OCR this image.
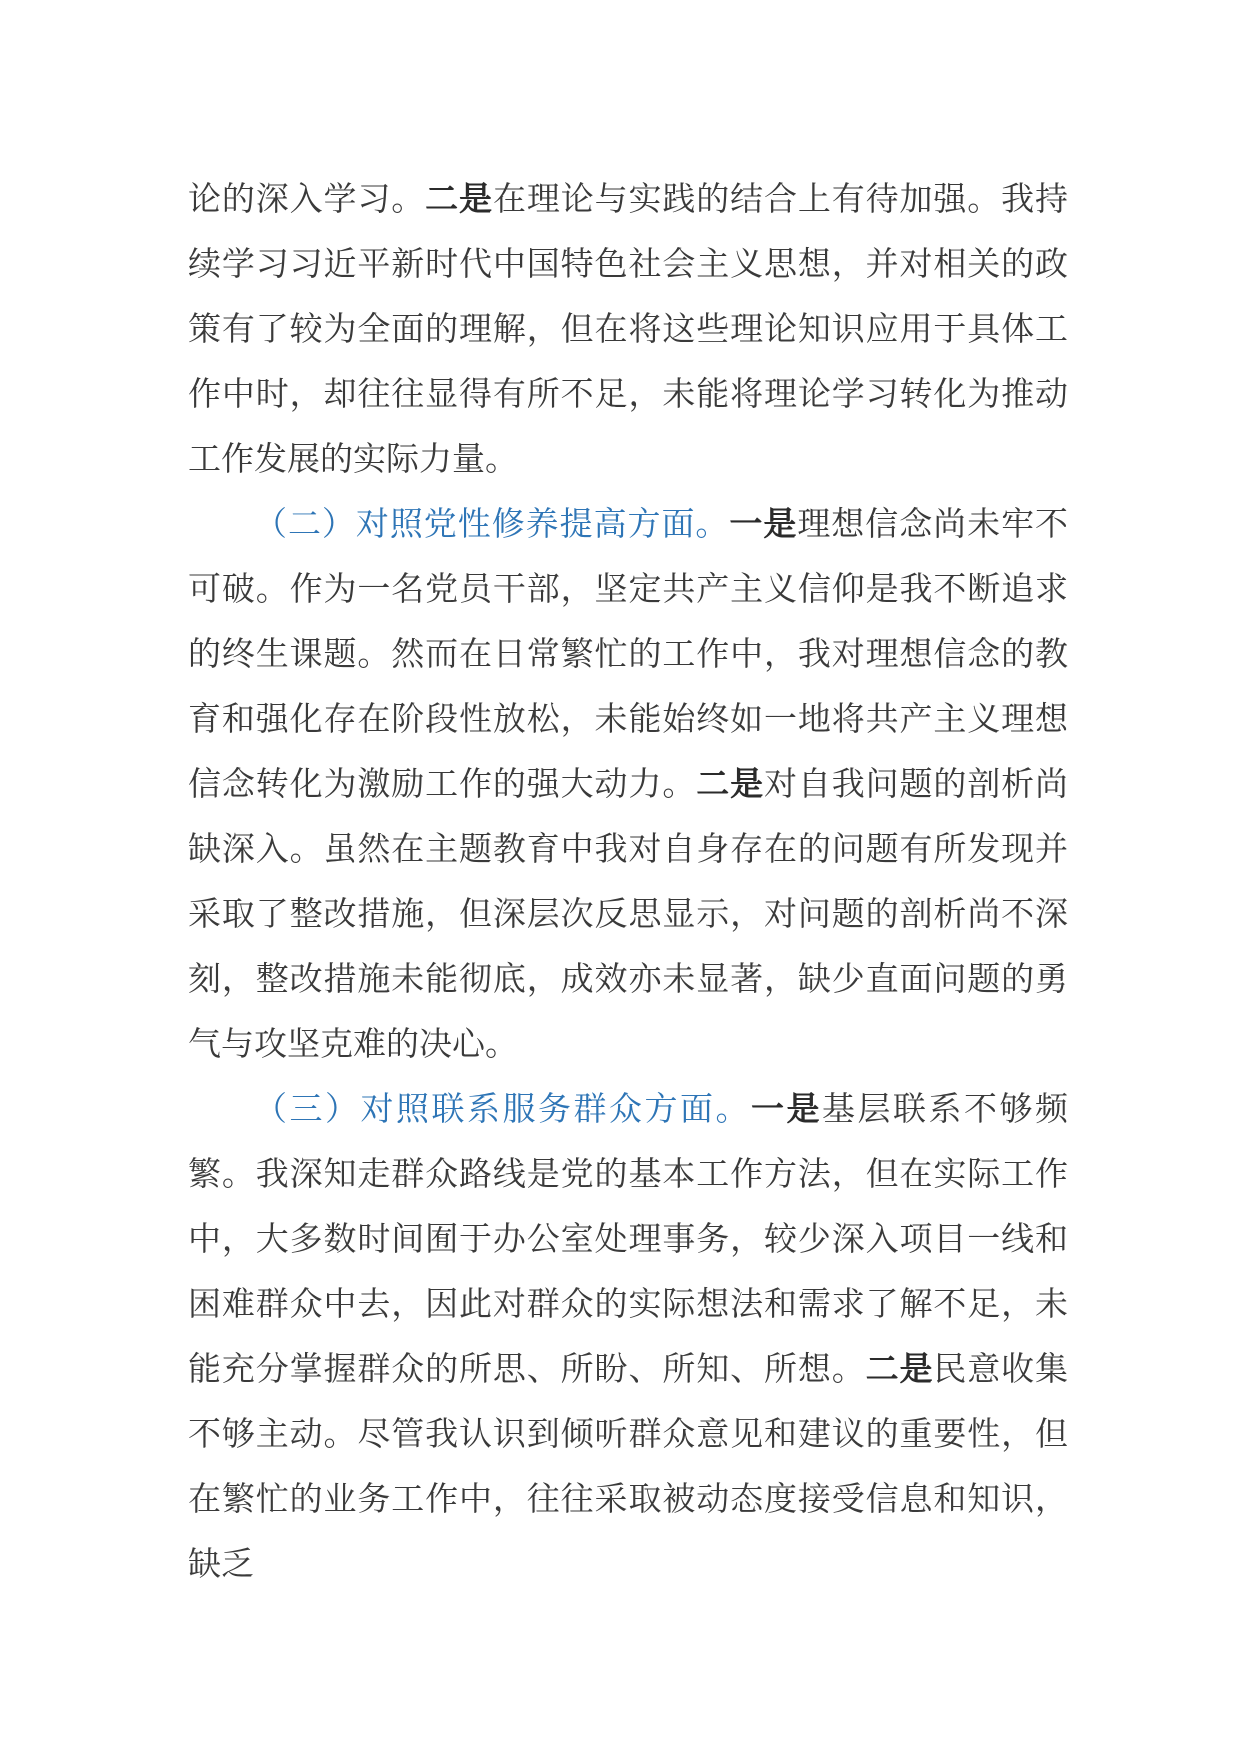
论的深入学习。二是在理论与实践的结合上有待加强。我持续学习习近平新时代中国特色社会主义思想，并对相关的政策有了较为全面的理解，但在将这些理论知识应用于具体工作中时，却往往显得有所不足，未能将理论学习转化为推动工作发展的实际力量。

（二）对照党性修养提高方面。一是理想信念尚未牢不可破。作为一名党员干部，坚定共产主义信仰是我不断追求的终生课题。然而在日常繁忙的工作中，我对理想信念的教育和强化存在阶段性放松，未能始终如一地将共产主义理想信念转化为激励工作的强大动力。二是对自我问题的剖析尚缺深入。虽然在主题教育中我对自身存在的问题有所发现并采取了整改措施，但深层次反思显示，对问题的剖析尚不深刻，整改措施未能彻底，成效亦未显著，缺少直面问题的勇气与攻坚克难的决心。

（三）对照联系服务群众方面。一是基层联系不够频繁。我深知走群众路线是党的基本工作方法，但在实际工作中，大多数时间囿于办公室处理事务，较少深入项目一线和困难群众中去，因此对群众的实际想法和需求了解不足，未能充分掌握群众的所思、所盼、所知、所想。二是民意收集不够主动。尽管我认识到倾听群众意见和建议的重要性，但在繁忙的业务工作中，往往采取被动态度接受信息和知识，缺乏
